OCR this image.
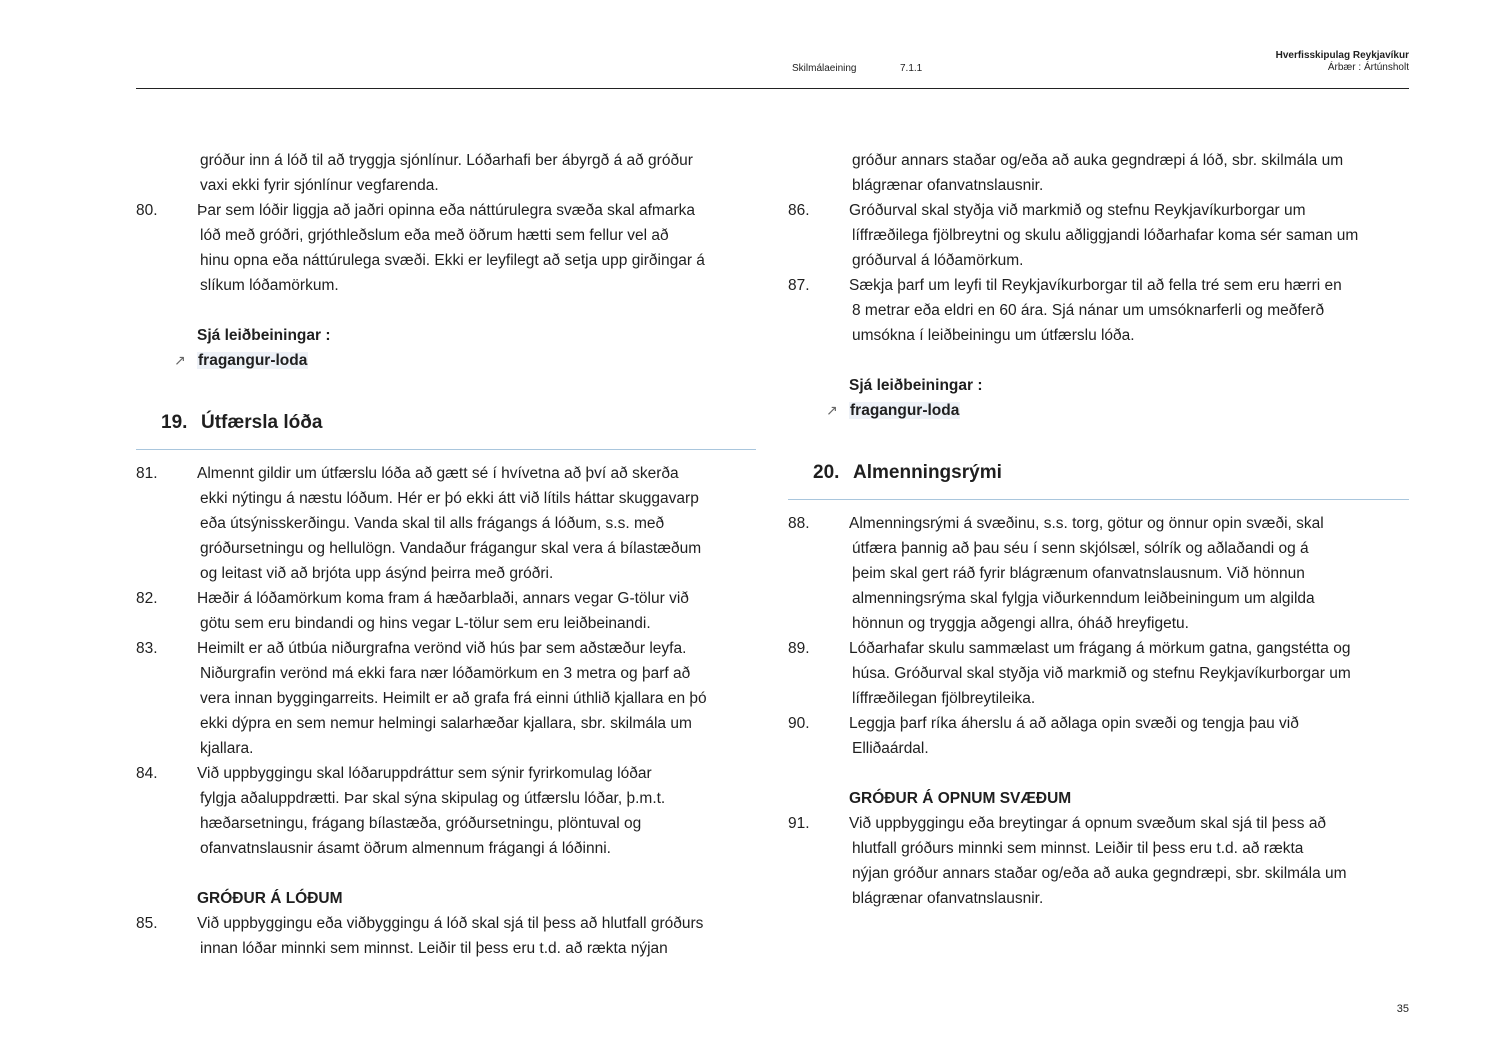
Skilmálaeining	7.1.1
Hverfisskipulag Reykjavíkur
Árbær : Ártúnsholt
gróður inn á lóð til að tryggja sjónlínur. Lóðarhafi ber ábyrgð á að gróður
vaxi ekki fyrir sjónlínur vegfarenda.
80.	Þar sem lóðir liggja að jaðri opinna eða náttúrulegra svæða skal afmarka
lóð með gróðri, grjóthleðslum eða með öðrum hætti sem fellur vel að
hinu opna eða náttúrulega svæði. Ekki er leyfilegt að setja upp girðingar á
slíkum lóðamörkum.
Sjá leiðbeiningar :
↗ fragangur-loda
19. Útfærsla lóða
81.	Almennt gildir um útfærslu lóða að gætt sé í hvívetna að því að skerða
ekki nýtingu á næstu lóðum. Hér er þó ekki átt við lítils háttar skuggavarp
eða útsýnisskerðingu. Vanda skal til alls frágangs á lóðum, s.s. með
gróðursetningu og hellulögn. Vandaður frágangur skal vera á bílastæðum
og leitast við að brjóta upp ásýnd þeirra með gróðri.
82.	Hæðir á lóðamörkum koma fram á hæðarblaði, annars vegar G-tölur við
götu sem eru bindandi og hins vegar L-tölur sem eru leiðbeinandi.
83.	Heimilt er að útbúa niðurgrafna verönd við hús þar sem aðstæður leyfa.
Niðurgrafin verönd má ekki fara nær lóðamörkum en 3 metra og þarf að
vera innan byggingarreits. Heimilt er að grafa frá einni úthlið kjallara en þó
ekki dýpra en sem nemur helmingi salarhæðar kjallara, sbr. skilmála um
kjallara.
84.	Við uppbyggingu skal lóðaruppdráttur sem sýnir fyrirkomulag lóðar
fylgja aðaluppdrætti. Þar skal sýna skipulag og útfærslu lóðar, þ.m.t.
hæðarsetningu, frágang bílastæða, gróðursetningu, plöntuval og
ofanvatnslausnir ásamt öðrum almennum frágangi á lóðinni.
GRÓÐUR Á LÓÐUM
85.	Við uppbyggingu eða viðbyggingu á lóð skal sjá til þess að hlutfall gróðurs
innan lóðar minnki sem minnst. Leiðir til þess eru t.d. að rækta nýjan
gróður annars staðar og/eða að auka gegndræpi á lóð, sbr. skilmála um
blágrænar ofanvatnslausnir.
86.	Gróðurval skal styðja við markmið og stefnu Reykjavíkurborgar um
líffræðilega fjölbreytni og skulu aðliggjandi lóðarhafar koma sér saman um
gróðurval á lóðamörkum.
87.	Sækja þarf um leyfi til Reykjavíkurborgar til að fella tré sem eru hærri en
8 metrar eða eldri en 60 ára. Sjá nánar um umsóknarferli og meðferð
umsókna í leiðbeiningu um útfærslu lóða.
Sjá leiðbeiningar :
↗ fragangur-loda
20. Almenningsrými
88.	Almenningsrými á svæðinu, s.s. torg, götur og önnur opin svæði, skal
útfæra þannig að þau séu í senn skjólsæl, sólrík og aðlaðandi og á
þeim skal gert ráð fyrir blágrænum ofanvatnslausnum. Við hönnun
almenningsrýma skal fylgja viðurkenndum leiðbeiningum um algilda
hönnun og tryggja aðgengi allra, óháð hreyfigetu.
89.	Lóðarhafar skulu sammælast um frágang á mörkum gatna, gangstétta og
húsa. Gróðurval skal styðja við markmið og stefnu Reykjavíkurborgar um
líffræðilegan fjölbreytileika.
90.	Leggja þarf ríka áherslu á að aðlaga opin svæði og tengja þau við
Elliðaárdal.
GRÓÐUR Á OPNUM SVÆÐUM
91.	Við uppbyggingu eða breytingar á opnum svæðum skal sjá til þess að
hlutfall gróðurs minnki sem minnst. Leiðir til þess eru t.d. að rækta
nýjan gróður annars staðar og/eða að auka gegndræpi, sbr. skilmála um
blágrænar ofanvatnslausnir.
35
